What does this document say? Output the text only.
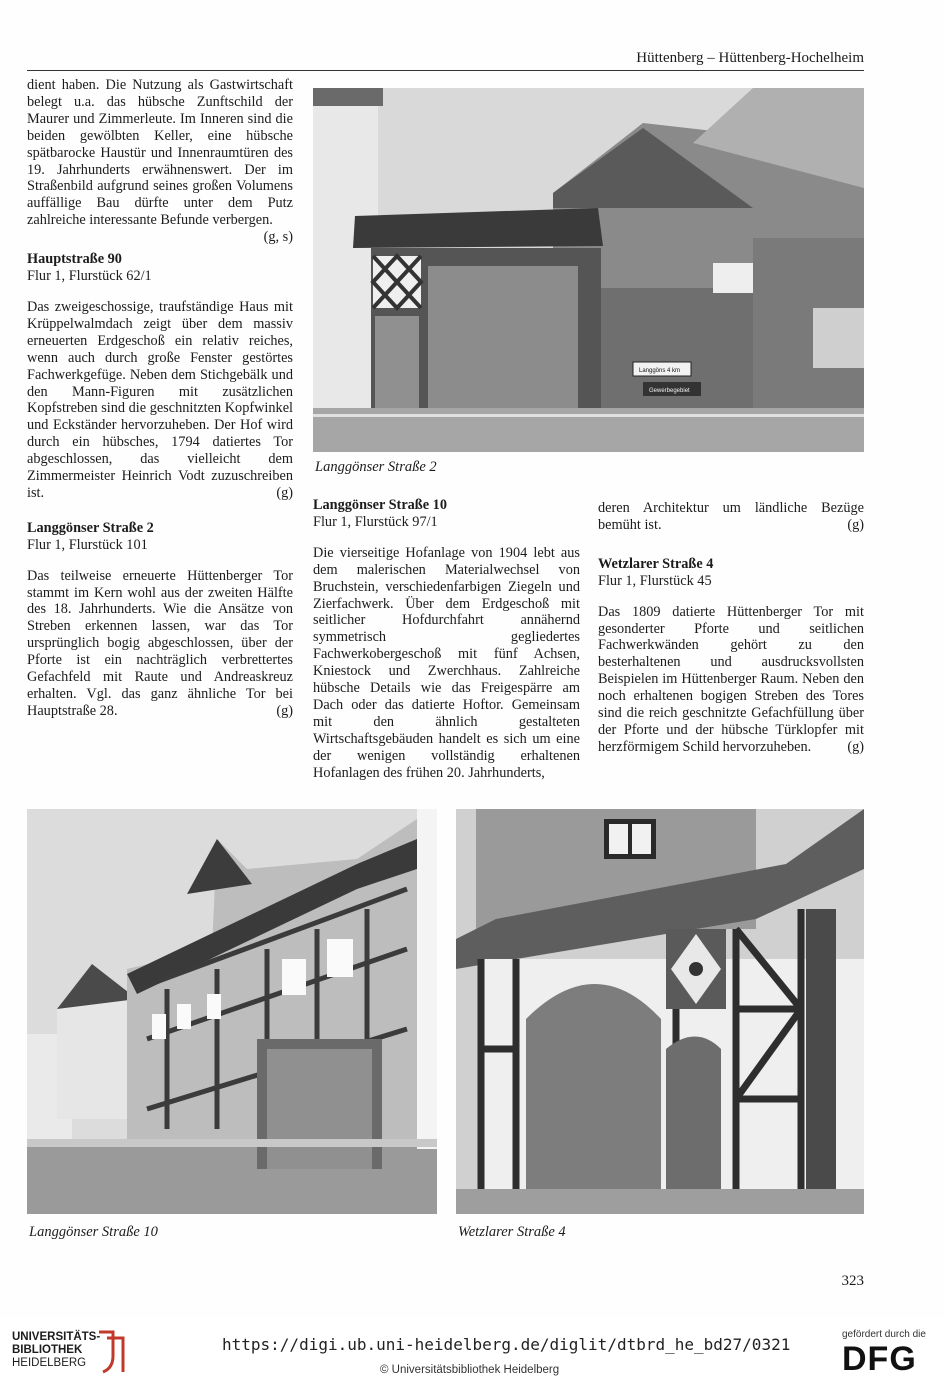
Hüttenberg – Hüttenberg-Hochelheim

dient haben. Die Nutzung als Gastwirtschaft belegt u.a. das hübsche Zunftschild der Maurer und Zimmerleute. Im Inneren sind die beiden gewölbten Keller, eine hübsche spätbarocke Haustür und Innenraumtüren des 19. Jahrhunderts erwähnenswert. Der im Straßenbild aufgrund seines großen Volumens auffällige Bau dürfte unter dem Putz zahlreiche interessante Befunde verbergen.
(g, s)

Hauptstraße 90

Flur 1, Flurstück 62/1

Das zweigeschossige, traufständige Haus mit Krüppelwalmdach zeigt über dem massiv erneuerten Erdgeschoß ein relativ reiches, wenn auch durch große Fenster gestörtes Fachwerkgefüge. Neben dem Stichgebälk und den Mann-Figuren mit zusätzlichen Kopfstreben sind die geschnitzten Kopfwinkel und Eckständer hervorzuheben. Der Hof wird durch ein hübsches, 1794 datiertes Tor abgeschlossen, das vielleicht dem Zimmermeister Heinrich Vodt zuzuschreiben ist.	(g)

Langgönser Straße 2

Flur 1, Flurstück 101

Das teilweise erneuerte Hüttenberger Tor stammt im Kern wohl aus der zweiten Hälfte des 18. Jahrhunderts. Wie die Ansätze von Streben erkennen lassen, war das Tor ursprünglich bogig abgeschlossen, über der Pforte ist ein nachträglich verbrettertes Gefachfeld mit Raute und Andreaskreuz erhalten. Vgl. das ganz ähnliche Tor bei Hauptstraße 28.	(g)

Langgöns 4 km
Gewerbegebiet
Langgönser Straße 2

Langgönser Straße 10

Flur 1, Flurstück 97/1

Die vierseitige Hofanlage von 1904 lebt aus dem malerischen Materialwechsel von Bruchstein, verschiedenfarbigen Ziegeln und Zierfachwerk. Über dem Erdgeschoß mit seitlicher Hofdurchfahrt annähernd symmetrisch gegliedertes Fachwerkobergeschoß mit fünf Achsen, Kniestock und Zwerchhaus. Zahlreiche hübsche Details wie das Freigespärre am Dach oder das datierte Hoftor. Gemeinsam mit den ähnlich gestalteten Wirtschaftsgebäuden handelt es sich um eine der wenigen vollständig erhaltenen Hofanlagen des frühen 20. Jahrhunderts,

deren Architektur um ländliche Bezüge bemüht ist.	(g)

Wetzlarer Straße 4

Flur 1, Flurstück 45

Das 1809 datierte Hüttenberger Tor mit gesonderter Pforte und seitlichen Fachwerkwänden gehört zu den besterhaltenen und ausdrucksvollsten Beispielen im Hüttenberger Raum. Neben den noch erhaltenen bogigen Streben des Tores sind die reich geschnitzte Gefachfüllung über der Pforte und der hübsche Türklopfer mit herzförmigem Schild hervorzuheben.	(g)

Langgönser Straße 10	Wetzlarer Straße 4
323
UNIVERSITÄTS-
BIBLIOTHEK
HEIDELBERG
https://digi.ub.uni-heidelberg.de/diglit/dtbrd_he_bd27/0321
© Universitätsbibliothek Heidelberg
gefördert durch die
DFG
